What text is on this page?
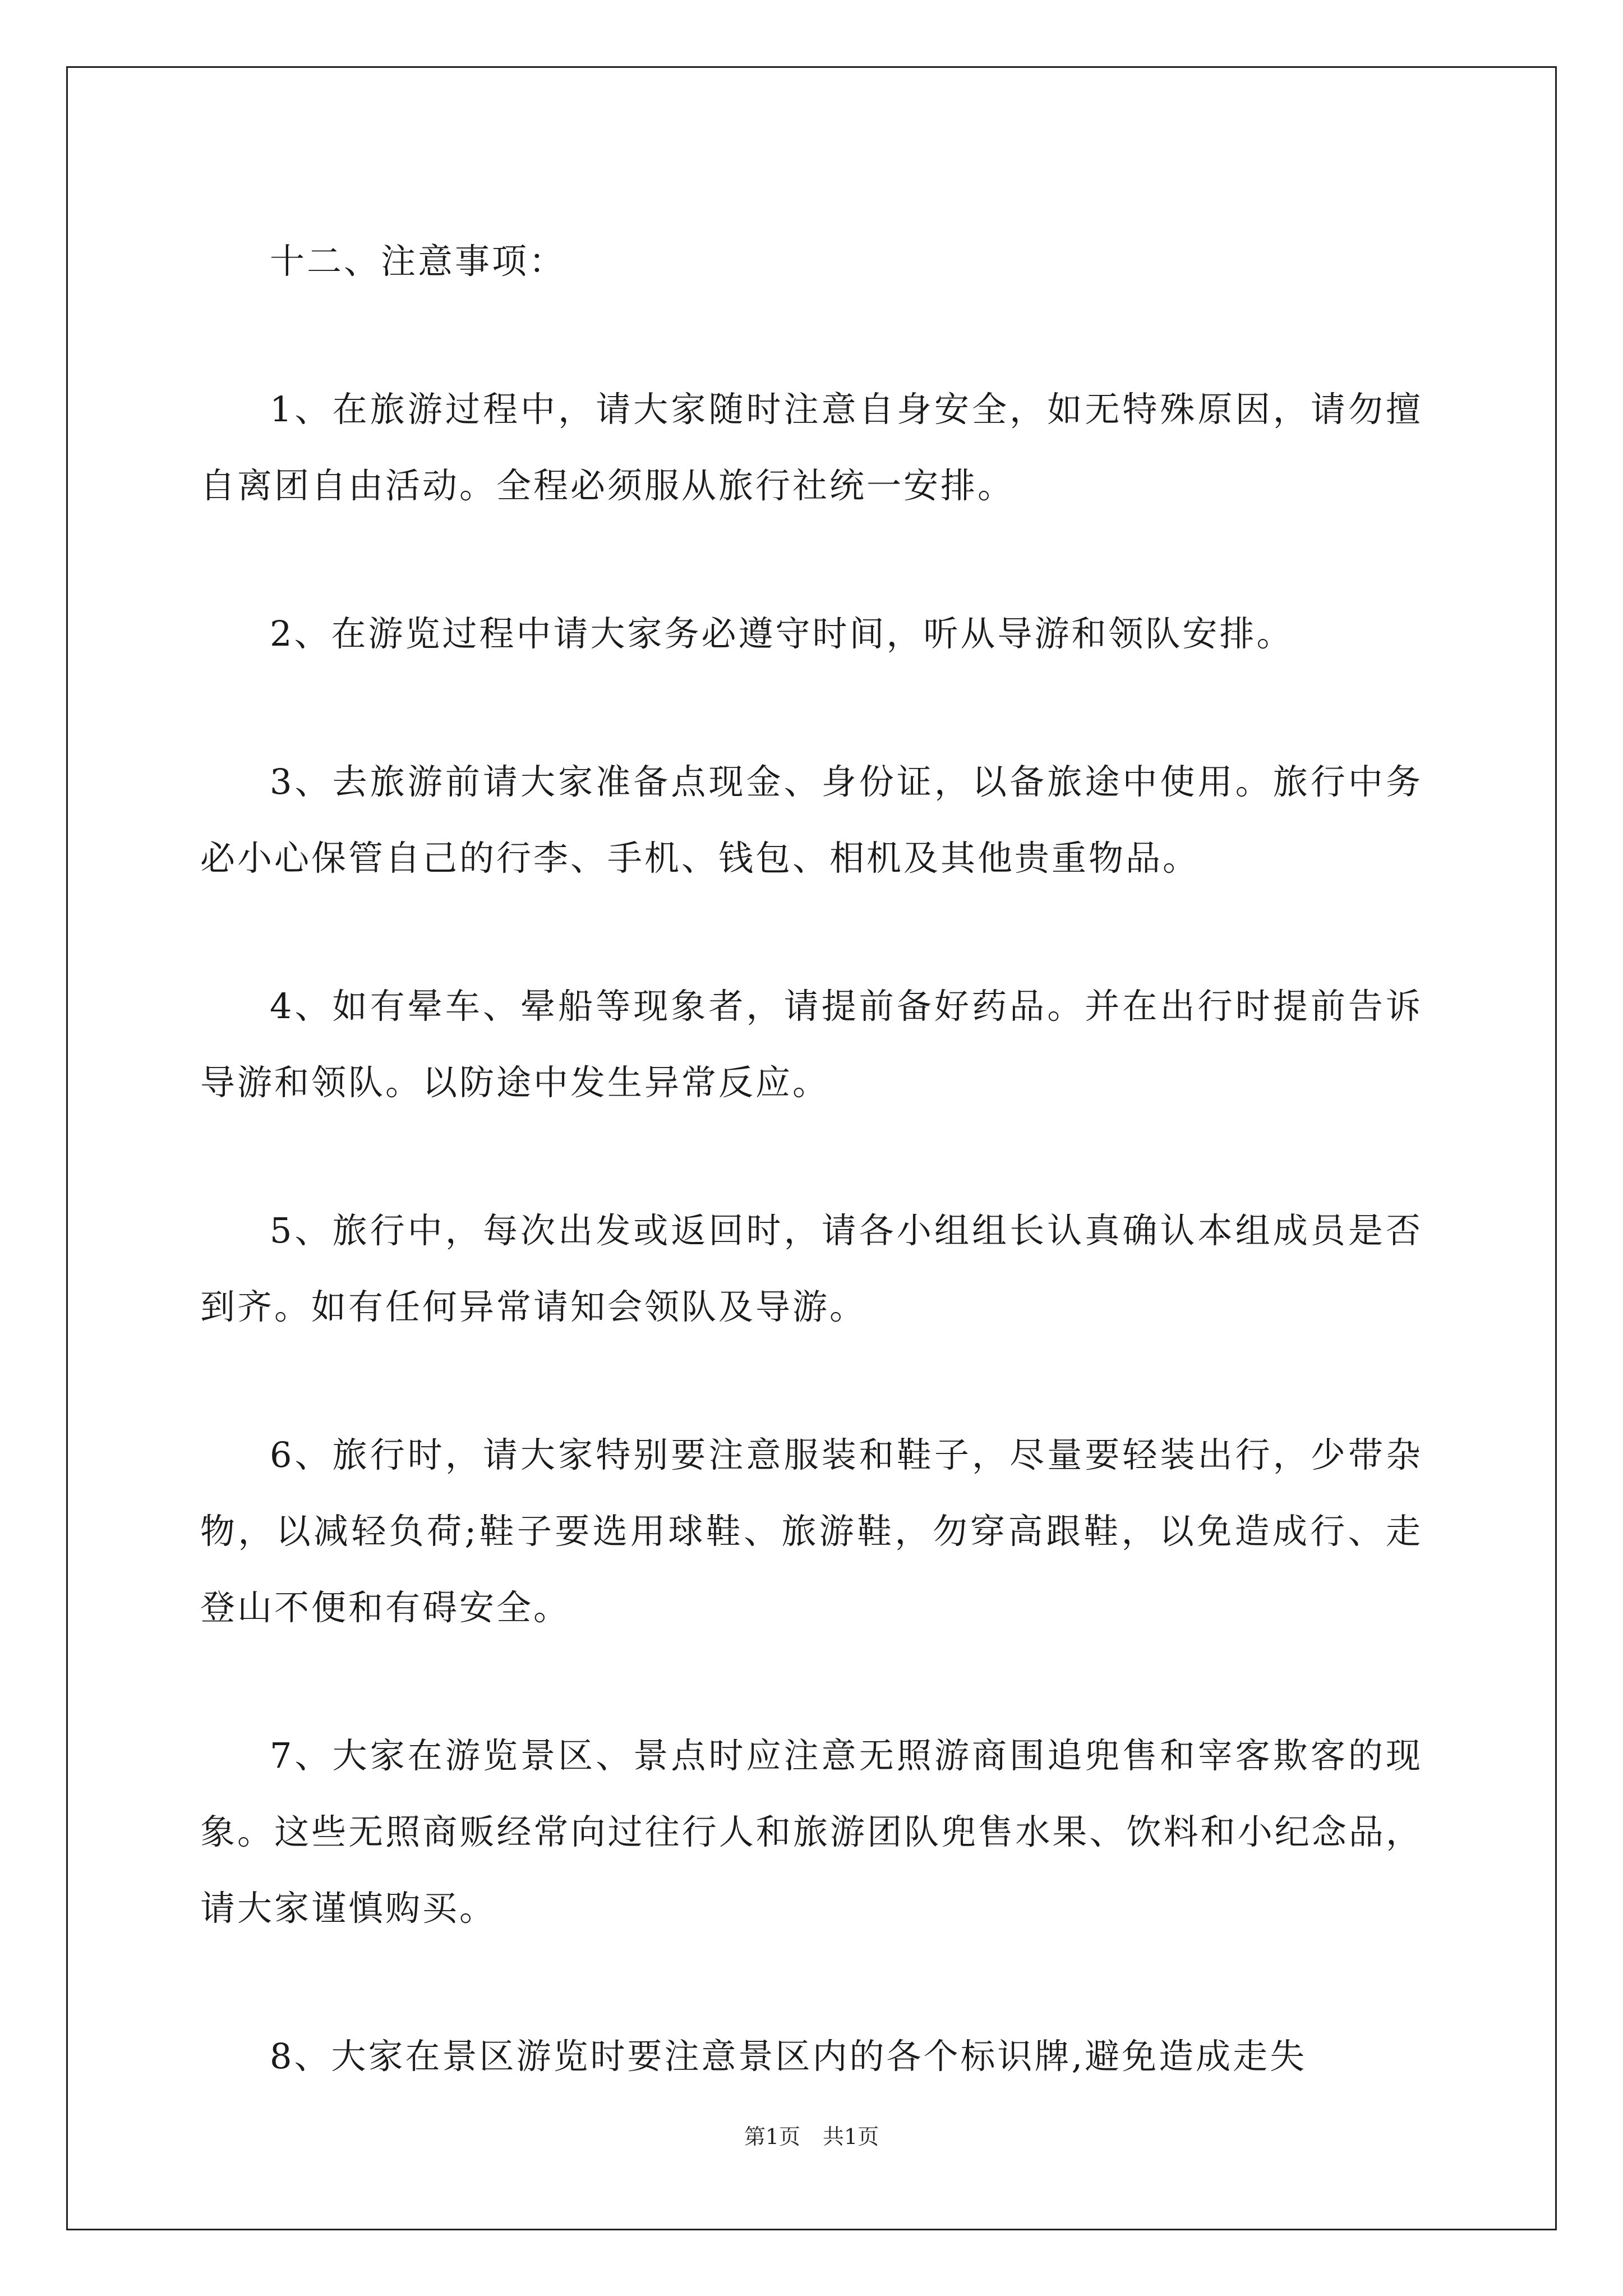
十二、注意事项：

1、在旅游过程中，请大家随时注意自身安全，如无特殊原因，请勿擅自离团自由活动。全程必须服从旅行社统一安排。

2、在游览过程中请大家务必遵守时间，听从导游和领队安排。

3、去旅游前请大家准备点现金、身份证，以备旅途中使用。旅行中务必小心保管自己的行李、手机、钱包、相机及其他贵重物品。

4、如有晕车、晕船等现象者，请提前备好药品。并在出行时提前告诉导游和领队。以防途中发生异常反应。

5、旅行中，每次出发或返回时，请各小组组长认真确认本组成员是否到齐。如有任何异常请知会领队及导游。

6、旅行时，请大家特别要注意服装和鞋子，尽量要轻装出行，少带杂物，以减轻负荷;鞋子要选用球鞋、旅游鞋，勿穿高跟鞋，以免造成行、走登山不便和有碍安全。

7、大家在游览景区、景点时应注意无照游商围追兜售和宰客欺客的现象。这些无照商贩经常向过往行人和旅游团队兜售水果、饮料和小纪念品，请大家谨慎购买。

8、大家在景区游览时要注意景区内的各个标识牌,避免造成走失

第1页 共1页
